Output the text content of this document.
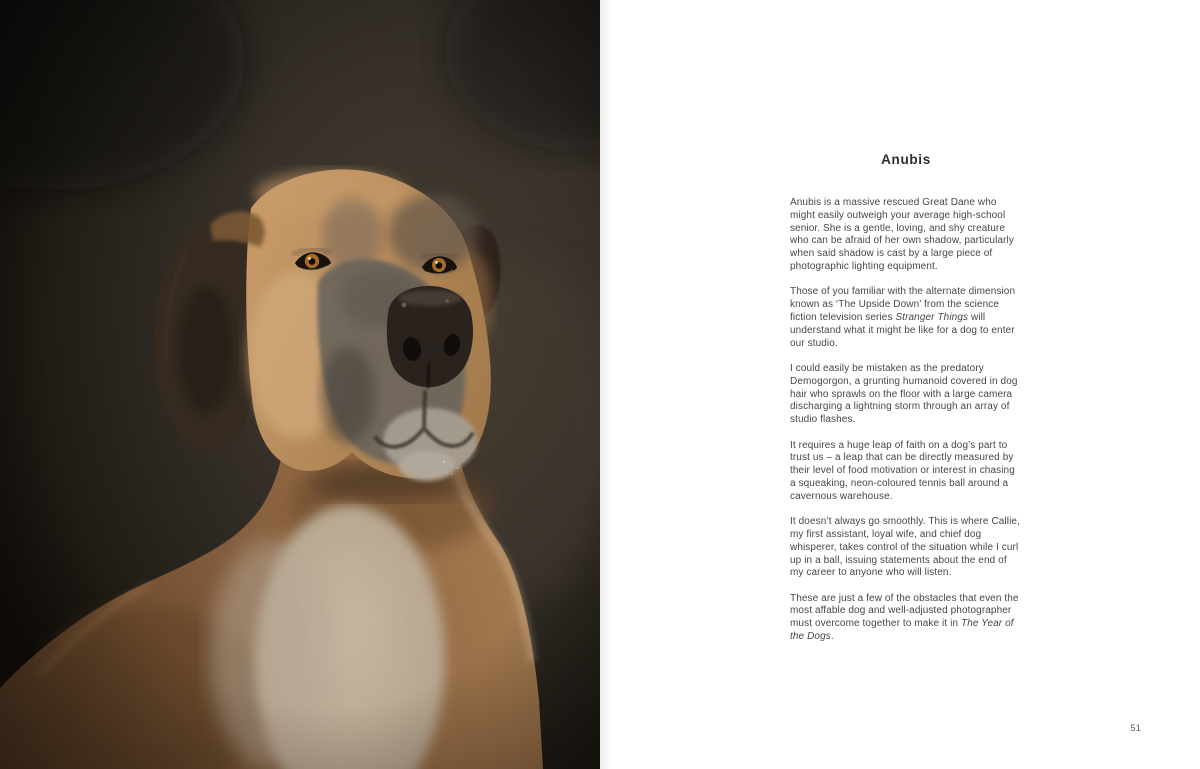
Anubis

Anubis is a massive rescued Great Dane who might easily outweigh your average high-school senior. She is a gentle, loving, and shy creature who can be afraid of her own shadow, particularly when said shadow is cast by a large piece of photographic lighting equipment.

Those of you familiar with the alternate dimension known as ‘The Upside Down’ from the science fiction television series Stranger Things will understand what it might be like for a dog to enter our studio.

I could easily be mistaken as the predatory Demogorgon, a grunting humanoid covered in dog hair who sprawls on the floor with a large camera discharging a lightning storm through an array of studio flashes.

It requires a huge leap of faith on a dog’s part to trust us – a leap that can be directly measured by their level of food motivation or interest in chasing a squeaking, neon-coloured tennis ball around a cavernous warehouse.

It doesn’t always go smoothly. This is where Callie, my first assistant, loyal wife, and chief dog whisperer, takes control of the situation while I curl up in a ball, issuing statements about the end of my career to anyone who will listen.

These are just a few of the obstacles that even the most affable dog and well-adjusted photographer must overcome together to make it in The Year of the Dogs.

51
